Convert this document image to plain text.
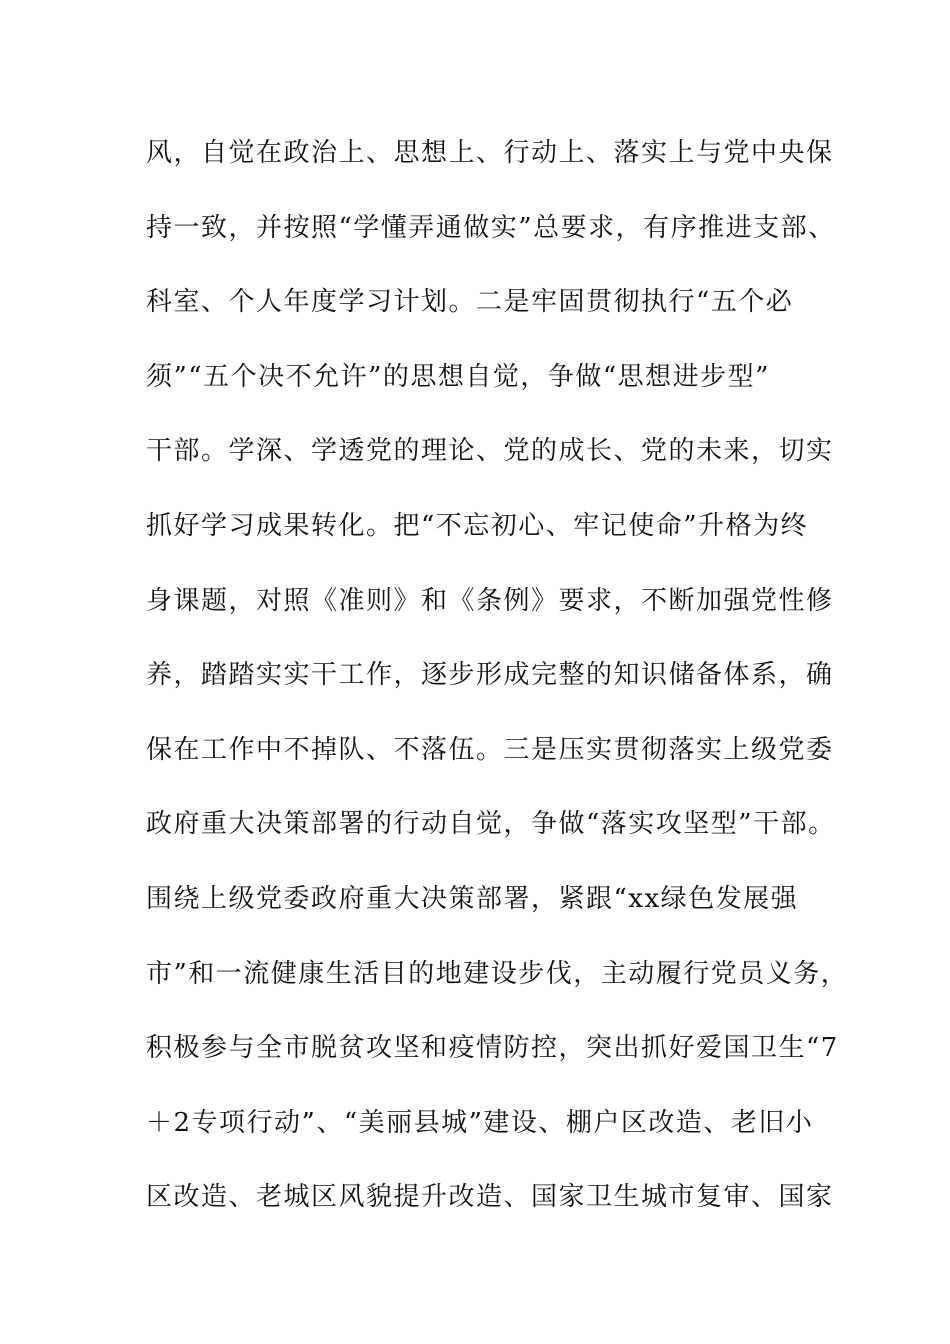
风，自觉在政治上、思想上、行动上、落实上与党中央保
持一致，并按照“学懂弄通做实”总要求，有序推进支部、
科室、个人年度学习计划。二是牢固贯彻执行“五个必
须”“五个决不允许”的思想自觉，争做“思想进步型”
干部。学深、学透党的理论、党的成长、党的未来，切实
抓好学习成果转化。把“不忘初心、牢记使命”升格为终
身课题，对照《准则》和《条例》要求，不断加强党性修
养，踏踏实实干工作，逐步形成完整的知识储备体系，确
保在工作中不掉队、不落伍。三是压实贯彻落实上级党委
政府重大决策部署的行动自觉，争做“落实攻坚型”干部。
围绕上级党委政府重大决策部署，紧跟“xx绿色发展强
市”和一流健康生活目的地建设步伐，主动履行党员义务，
积极参与全市脱贫攻坚和疫情防控，突出抓好爱国卫生“7
＋2专项行动”、“美丽县城”建设、棚户区改造、老旧小
区改造、老城区风貌提升改造、国家卫生城市复审、国家
